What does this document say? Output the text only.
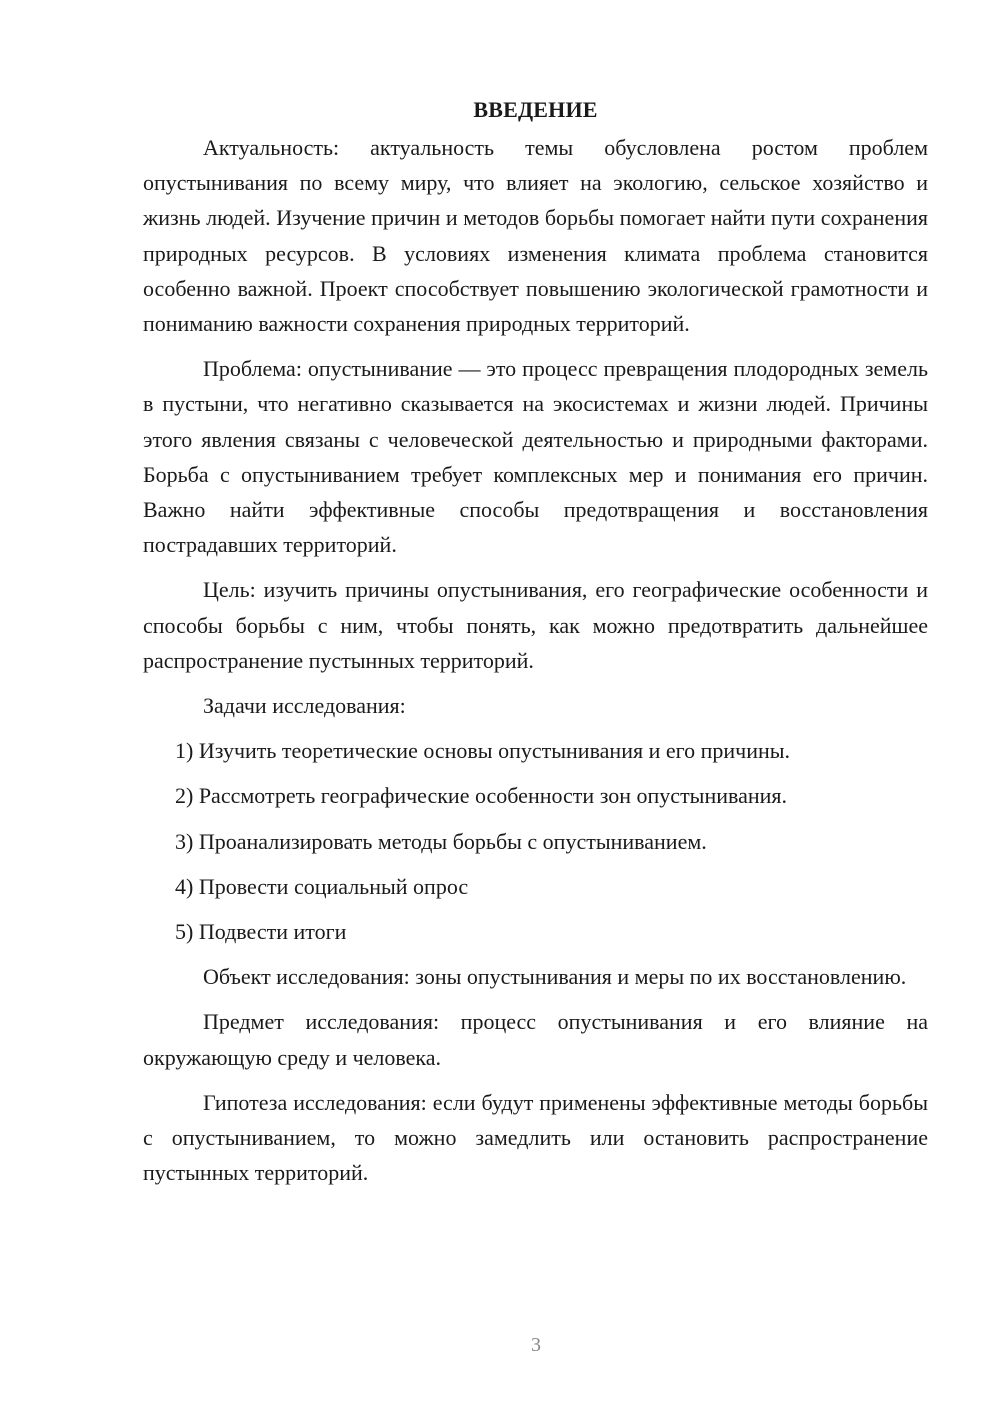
ВВЕДЕНИЕ

Актуальность: актуальность темы обусловлена ростом проблем опустынивания по всему миру, что влияет на экологию, сельское хозяйство и жизнь людей. Изучение причин и методов борьбы помогает найти пути сохранения природных ресурсов. В условиях изменения климата проблема становится особенно важной. Проект способствует повышению экологической грамотности и пониманию важности сохранения природных территорий.

Проблема: опустынивание — это процесс превращения плодородных земель в пустыни, что негативно сказывается на экосистемах и жизни людей. Причины этого явления связаны с человеческой деятельностью и природными факторами. Борьба с опустыниванием требует комплексных мер и понимания его причин. Важно найти эффективные способы предотвращения и восстановления пострадавших территорий.

Цель: изучить причины опустынивания, его географические особенности и способы борьбы с ним, чтобы понять, как можно предотвратить дальнейшее распространение пустынных территорий.

Задачи исследования:

1) Изучить теоретические основы опустынивания и его причины.
2) Рассмотреть географические особенности зон опустынивания.
3) Проанализировать методы борьбы с опустыниванием.
4) Провести социальный опрос
5) Подвести итоги

Объект исследования: зоны опустынивания и меры по их восстановлению.

Предмет исследования: процесс опустынивания и его влияние на окружающую среду и человека.

Гипотеза исследования: если будут применены эффективные методы борьбы с опустыниванием, то можно замедлить или остановить распространение пустынных территорий.

3
